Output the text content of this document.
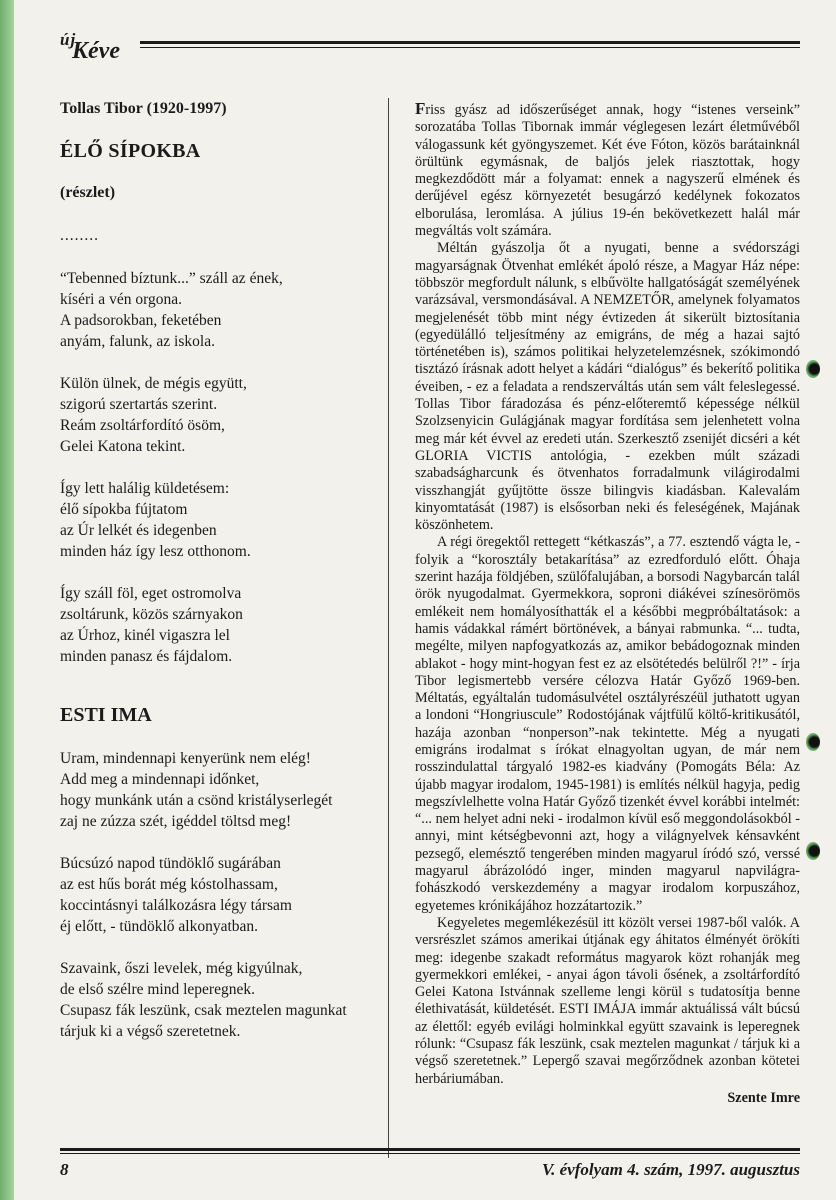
új
Kéve
Tollas Tibor (1920-1997)
ÉLŐ SÍPOKBA
(részlet)
........
“Tebenned bíztunk...” száll az ének,
kíséri a vén orgona.
A padsorokban, feketében
anyám, falunk, az iskola.
Külön ülnek, de mégis együtt,
szigorú szertartás szerint.
Reám zsoltárfordító ösöm,
Gelei Katona tekint.
Így lett halálig küldetésem:
élő sípokba fújtatom
az Úr lelkét és idegenben
minden ház így lesz otthonom.
Így száll föl, eget ostromolva
zsoltárunk, közös szárnyakon
az Úrhoz, kinél vigaszra lel
minden panasz és fájdalom.
ESTI IMA
Uram, mindennapi kenyerünk nem elég!
Add meg a mindennapi időnket,
hogy munkánk után a csönd kristályserlegét
zaj ne zúzza szét, igéddel töltsd meg!
Búcsúzó napod tündöklő sugárában
az est hűs borát még kóstolhassam,
koccintásnyi találkozásra légy társam
éj előtt, - tündöklő alkonyatban.
Szavaink, őszi levelek, még kigyúlnak,
de első szélre mind leperegnek.
Csupasz fák leszünk, csak meztelen magunkat
tárjuk ki a végső szeretetnek.

Friss gyász ad időszerűséget annak, hogy “istenes verseink” sorozatába Tollas Tibornak immár véglegesen lezárt életművéből válogassunk két gyöngyszemet. Két éve Fóton, közös barátainknál örültünk egymásnak, de baljós jelek riasztottak, hogy megkezdődött már a folyamat: ennek a nagyszerű elmének és derűjével egész környezetét besugárzó kedélynek fokozatos elborulása, leromlása. A július 19-én bekövetkezett halál már megváltás volt számára.

Méltán gyászolja őt a nyugati, benne a svédországi magyarságnak Ötvenhat emlékét ápoló része, a Magyar Ház népe: többször megfordult nálunk, s elbűvölte hallgatóságát személyének varázsával, versmondásával. A NEMZETŐR, amelynek folyamatos megjelenését több mint négy évtizeden át sikerült biztosítania (egyedülálló teljesítmény az emigráns, de még a hazai sajtó történetében is), számos politikai helyzetelemzésnek, szókimondó tisztázó írásnak adott helyet a kádári “dialógus” és bekerítő politika éveiben, - ez a feladata a rendszerváltás után sem vált feleslegessé. Tollas Tibor fáradozása és pénz-előteremtő képessége nélkül Szolzsenyicin Gulágjának magyar fordítása sem jelenhetett volna meg már két évvel az eredeti után. Szerkesztő zsenijét dicséri a két GLORIA VICTIS antológia, - ezekben múlt századi szabadságharcunk és ötvenhatos forradalmunk világirodalmi visszhangját gyűjtötte össze bilingvis kiadásban. Kalevalám kinyomtatását (1987) is elsősorban neki és feleségének, Majának köszönhetem.

A régi öregektől rettegett “kétkaszás”, a 77. esztendő vágta le, - folyik a “korosztály betakarítása” az ezredforduló előtt. Óhaja szerint hazája földjében, szülőfalujában, a borsodi Nagybarcán talál örök nyugodalmat. Gyermekkora, soproni diákévei színesörömös emlékeit nem homályosíthatták el a későbbi megpróbáltatások: a hamis vádakkal rámért börtönévek, a bányai rabmunka. “... tudta, megélte, milyen napfogyatkozás az, amikor bebádogoznak minden ablakot - hogy mint-hogyan fest ez az elsötétedés belülről ?!” - írja Tibor legismertebb versére célozva Határ Győző 1969-ben. Méltatás, egyáltalán tudomásulvétel osztályrészéül juthatott ugyan a londoni “Hongriuscule” Rodostójának vájtfülű költő-kritikusától, hazája azonban “nonperson”-nak tekintette. Még a nyugati emigráns irodalmat s írókat elnagyoltan ugyan, de már nem rosszindulattal tárgyaló 1982-es kiadvány (Pomogáts Béla: Az újabb magyar irodalom, 1945-1981) is említés nélkül hagyja, pedig megszívlelhette volna Határ Győző tizenkét évvel korábbi intelmét: “... nem helyet adni neki - irodalmon kívül eső meggondolásokból - annyi, mint kétségbevonni azt, hogy a világnyelvek kénsavként pezsegő, elemésztő tengerében minden magyarul íródó szó, verssé magyarul ábrázolódó inger, minden magyarul napvilágra-fohászkodó verskezdemény a magyar irodalom korpuszához, egyetemes krónikájához hozzátartozik.”

Kegyeletes megemlékezésül itt közölt versei 1987-ből valók. A versrészlet számos amerikai útjának egy áhitatos élményét örökíti meg: idegenbe szakadt református magyarok közt rohanják meg gyermekkori emlékei, - anyai ágon távoli ősének, a zsoltárfordító Gelei Katona Istvánnak szelleme lengi körül s tudatosítja benne élethivatását, küldetését. ESTI IMÁJA immár aktuálissá vált búcsú az élettől: egyéb evilági holminkkal együtt szavaink is leperegnek rólunk: “Csupasz fák leszünk, csak meztelen magunkat / tárjuk ki a végső szeretetnek.” Lepergő szavai megőrződnek azonban kötetei herbáriumában.

Szente Imre
8	V. évfolyam 4. szám, 1997. augusztus
